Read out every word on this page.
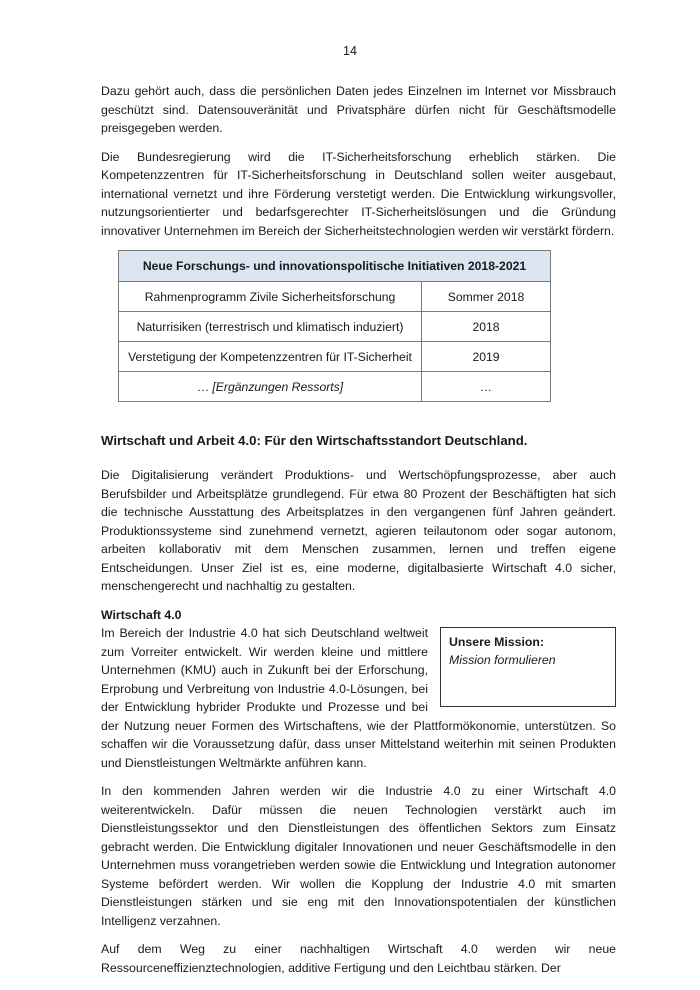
14

Dazu gehört auch, dass die persönlichen Daten jedes Einzelnen im Internet vor Missbrauch geschützt sind. Datensouveränität und Privatsphäre dürfen nicht für Geschäftsmodelle preisgegeben werden.

Die Bundesregierung wird die IT-Sicherheitsforschung erheblich stärken. Die Kompetenzzentren für IT-Sicherheitsforschung in Deutschland sollen weiter ausgebaut, international vernetzt und ihre Förderung verstetigt werden. Die Entwicklung wirkungsvoller, nutzungsorientierter und bedarfsgerechter IT-Sicherheitslösungen und die Gründung innovativer Unternehmen im Bereich der Sicherheitstechnologien werden wir verstärkt fördern.

Neue Forschungs- und innovationspolitische Initiativen 2018-2021	
Rahmenprogramm Zivile Sicherheitsforschung	Sommer 2018
Naturrisiken (terrestrisch und klimatisch induziert)	2018
Verstetigung der Kompetenzzentren für IT-Sicherheit	2019
… [Ergänzungen Ressorts]	…
Wirtschaft und Arbeit 4.0: Für den Wirtschaftsstandort Deutschland.

Die Digitalisierung verändert Produktions- und Wertschöpfungsprozesse, aber auch Berufsbilder und Arbeitsplätze grundlegend. Für etwa 80 Prozent der Beschäftigten hat sich die technische Ausstattung des Arbeitsplatzes in den vergangenen fünf Jahren geändert. Produktionssysteme sind zunehmend vernetzt, agieren teilautonom oder sogar autonom, arbeiten kollaborativ mit dem Menschen zusammen, lernen und treffen eigene Entscheidungen. Unser Ziel ist es, eine moderne, digitalbasierte Wirtschaft 4.0 sicher, menschengerecht und nachhaltig zu gestalten.

Wirtschaft 4.0
Unsere Mission:
Mission formulieren

Im Bereich der Industrie 4.0 hat sich Deutschland weltweit zum Vorreiter entwickelt. Wir werden kleine und mittlere Unternehmen (KMU) auch in Zukunft bei der Erforschung, Erprobung und Verbreitung von Industrie 4.0-Lösungen, bei der Entwicklung hybrider Produkte und Prozesse und bei der Nutzung neuer Formen des Wirtschaftens, wie der Plattformökonomie, unterstützen. So schaffen wir die Voraussetzung dafür, dass unser Mittelstand weiterhin mit seinen Produkten und Dienstleistungen Weltmärkte anführen kann.

In den kommenden Jahren werden wir die Industrie 4.0 zu einer Wirtschaft 4.0 weiterentwickeln. Dafür müssen die neuen Technologien verstärkt auch im Dienstleistungssektor und den Dienstleistungen des öffentlichen Sektors zum Einsatz gebracht werden. Die Entwicklung digitaler Innovationen und neuer Geschäftsmodelle in den Unternehmen muss vorangetrieben werden sowie die Entwicklung und Integration autonomer Systeme befördert werden. Wir wollen die Kopplung der Industrie 4.0 mit smarten Dienstleistungen stärken und sie eng mit den Innovationspotentialen der künstlichen Intelligenz verzahnen.

Auf dem Weg zu einer nachhaltigen Wirtschaft 4.0 werden wir neue Ressourceneffizienztechnologien, additive Fertigung und den Leichtbau stärken. Der
